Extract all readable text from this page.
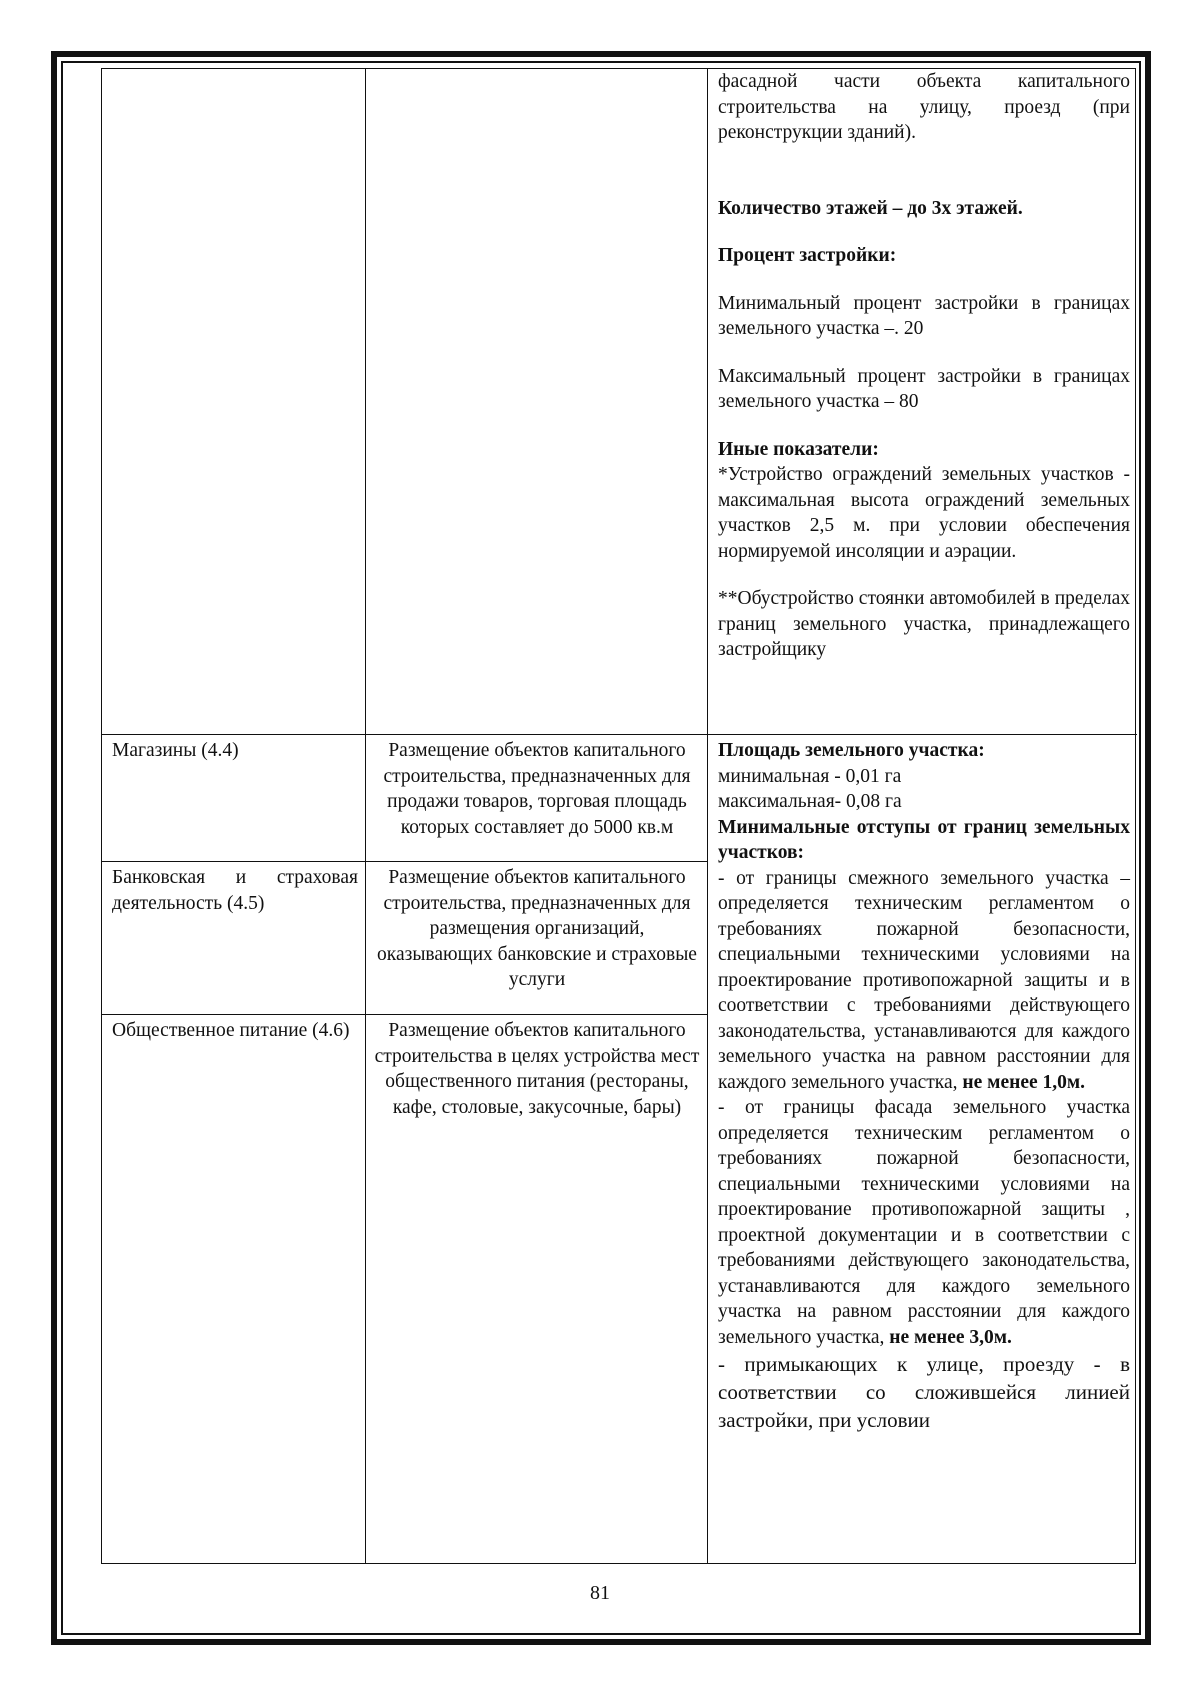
фасадной части объекта капитального строительства на улицу, проезд (при реконструкции зданий).

Количество этажей – до 3х этажей.

Процент застройки:

Минимальный процент застройки в границах земельного участка –. 20

Максимальный процент застройки в границах земельного участка – 80

Иные показатели:

*Устройство ограждений земельных участков - максимальная высота ограждений земельных участков 2,5 м. при условии обеспечения нормируемой инсоляции и аэрации.

**Обустройство стоянки автомобилей в пределах границ земельного участка, принадлежащего застройщику

Магазины (4.4)	Размещение объектов капитального строительства, предназначенных для продажи товаров, торговая площадь которых составляет до 5000 кв.м

Банковская и страховая деятельность (4.5)

Размещение объектов капитального строительства, предназначенных для размещения организаций, оказывающих банковские и страховые услуги

Общественное питание (4.6)	Размещение объектов капитального строительства в целях устройства мест общественного питания (рестораны, кафе, столовые, закусочные, бары)

Площадь земельного участка:

минимальная - 0,01 га

максимальная- 0,08 га

Минимальные отступы от границ земельных участков:

- от границы смежного земельного участка – определяется техническим регламентом о требованиях пожарной безопасности, специальными техническими условиями на проектирование противопожарной защиты и в соответствии с требованиями действующего законодательства, устанавливаются для каждого земельного участка на равном расстоянии для каждого земельного участка, не менее 1,0м.

- от границы фасада земельного участка определяется техническим регламентом о требованиях пожарной безопасности, специальными техническими условиями на проектирование противопожарной защиты , проектной документации и в соответствии с требованиями действующего законодательства, устанавливаются для каждого земельного участка на равном расстоянии для каждого земельного участка, не менее 3,0м.

- примыкающих к улице, проезду - в соответствии со сложившейся линией застройки, при условии

81
